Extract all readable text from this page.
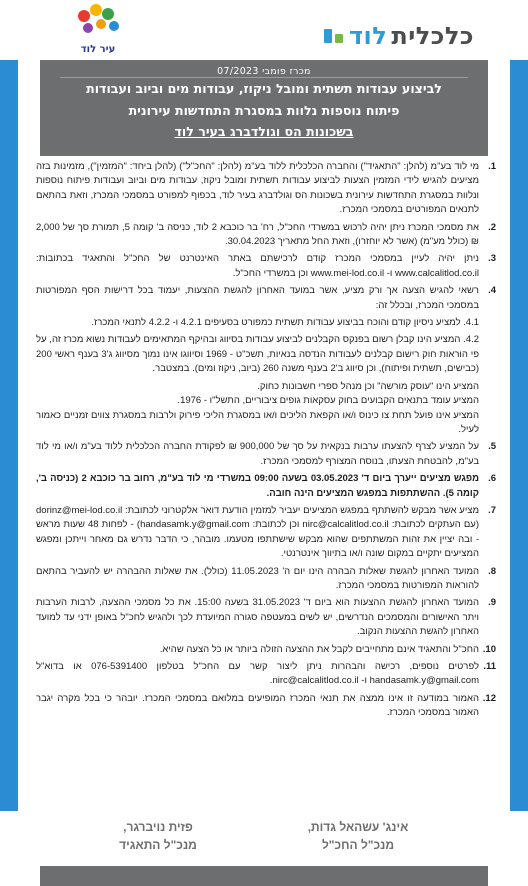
כלכלית
לוד
עיר לוד
מכרז פומבי 07/2023
לביצוע עבודות תשתית ומובל ניקוז, עבודות מים וביוב ועבודות
פיתוח נוספות נלוות במסגרת התחדשות עירונית
בשכונות הס וגולדברג בעיר לוד
1.

מי לוד בע"מ (להלן: "התאגיד") והחברה הכלכלית ללוד בע"מ (להלן: "החכ"ל") (להלן ביחד: "המזמין"), מזמינות בזה מציעים להגיש לידי המזמין הצעות לביצוע עבודות תשתית ומובל ניקוז, עבודות מים וביוב ועבודות פיתוח נוספות ונלוות במסגרת התחדשות עירונית בשכונות הס וגולדברג בעיר לוד, בכפוף למפורט במסמכי המכרז, וזאת בהתאם לתנאים המפורטים במסמכי המכרז.

2.

את מסמכי המכרז ניתן יהיה לרכוש במשרדי החכ"ל, רח' בר כוכבא 2 לוד, כניסה ב' קומה 5, תמורת סך של 2,000 ₪ (כולל מע"מ) (אשר לא יוחזרו), וזאת החל מתאריך 30.04.2023.

3.

ניתן יהיה לעיין במסמכי המכרז קודם לרכישתם באתר האינטרנט של החכ"ל והתאגיד בכתובות: www.calcalitlod.co.il ו- www.mei-lod.co.il וכן במשרדי החכ"ל.

4.

רשאי להגיש הצעה אך ורק מציע, אשר במועד האחרון להגשת ההצעות, יעמוד בכל דרישות הסף המפורטות במסמכי המכרז, ובכלל זה:

4.1. למציע ניסיון קודם והוכח בביצוע עבודות תשתית כמפורט בסעיפים 4.2.1 ו- 4.2.2 לתנאי המכרז.

4.2. המציע הינו קבלן רשום בפנקס הקבלנים לביצוע עבודות בסיווג ובהיקף המתאימים לעבודות נשוא מכרז זה, על פי הוראות חוק רישום קבלנים לעבודות הנדסה בנאיות, תשכ"ט - 1969 וסיווגו אינו נמוך מסיווג ג'3 בענף ראשי 200 (כבישים, תשתית ופיתוח), וכן סיווג ב'2 בענף משנה 260 (ביוב, ניקוז ומים). במצטבר.

המציע הינו "עוסק מורשה" וכן מנהל ספרי חשבונות כחוק.

המציע עומד בתנאים הקבועים בחוק עסקאות גופים ציבוריים, התשל"ו - 1976.

המציע אינו פועל תחת צו כינוס ו/או הקפאת הליכים ו/או במסגרת הליכי פירוק ולרבות במסגרת צווים זמניים כאמור לעיל.

5.

על המציע לצרף להצעתו ערבות בנקאית על סך של 900,000 ₪ לפקודת החברה הכלכלית ללוד בע"מ ו/או מי לוד בע"מ, להבטחת הצעתו, בנוסח המצורף למסמכי המכרז.

6.

מפגש מציעים ייערך ביום ד' 03.05.2023 בשעה 09:00 במשרדי מי לוד בע"מ, רחוב בר כוכבא 2 (כניסה ב', קומה 5). ההשתתפות במפגש המציעים הינה חובה.

7.

מציע אשר מבקש להשתתף במפגש המציעים יעביר למזמין הודעת דואר אלקטרוני לכתובת: dorinz@mei-lod.co.il (עם העתקים לכתובת: nirc@calcalitlod.co.il וכן לכתובת: handasamk.y@gmail.com) - לפחות 48 שעות מראש - ובה יציין את זהות המשתתפים שהוא מבקש שישתתפו מטעמו. מובהר, כי הדבר נדרש גם מאחר וייתכן ומפגש המציעים יתקיים במקום שונה ו/או בתיווך אינטרנטי.

8.

המועד האחרון להגשת שאלות הבהרה הינו יום ה' 11.05.2023 (כולל). את שאלות ההבהרה יש להעביר בהתאם להוראות המפורטות במסמכי המכרז.

9.

המועד האחרון להגשת ההצעות הוא ביום ד' 31.05.2023 בשעה 15:00. את כל מסמכי ההצעה, לרבות הערבות ויתר האישורים והמסמכים הנדרשים, יש לשים במעטפה סגורה המיועדת לכך ולהגיש לחכ"ל באופן ידני עד למועד האחרון להגשת ההצעות הנקוב.

10.

החכ"ל והתאגיד אינם מתחייבים לקבל את ההצעה הזולה ביותר או כל הצעה שהיא.

11.

לפרטים נוספים, רכישה והבהרות ניתן ליצור קשר עם החכ"ל בטלפון 076-5391400 או בדוא"ל handasamk.y@gmail.com ו- nirc@calcalitlod.co.il.

12.

האמור במודעה זו אינו ממצה את תנאי המכרז המופיעים במלואם במסמכי המכרז. יובהר כי בכל מקרה יגבר האמור במסמכי המכרז.

אינג' עשהאל גדות,
מנכ"ל החכ"ל
פזית נויברגר,
מנכ"ל התאגיד
